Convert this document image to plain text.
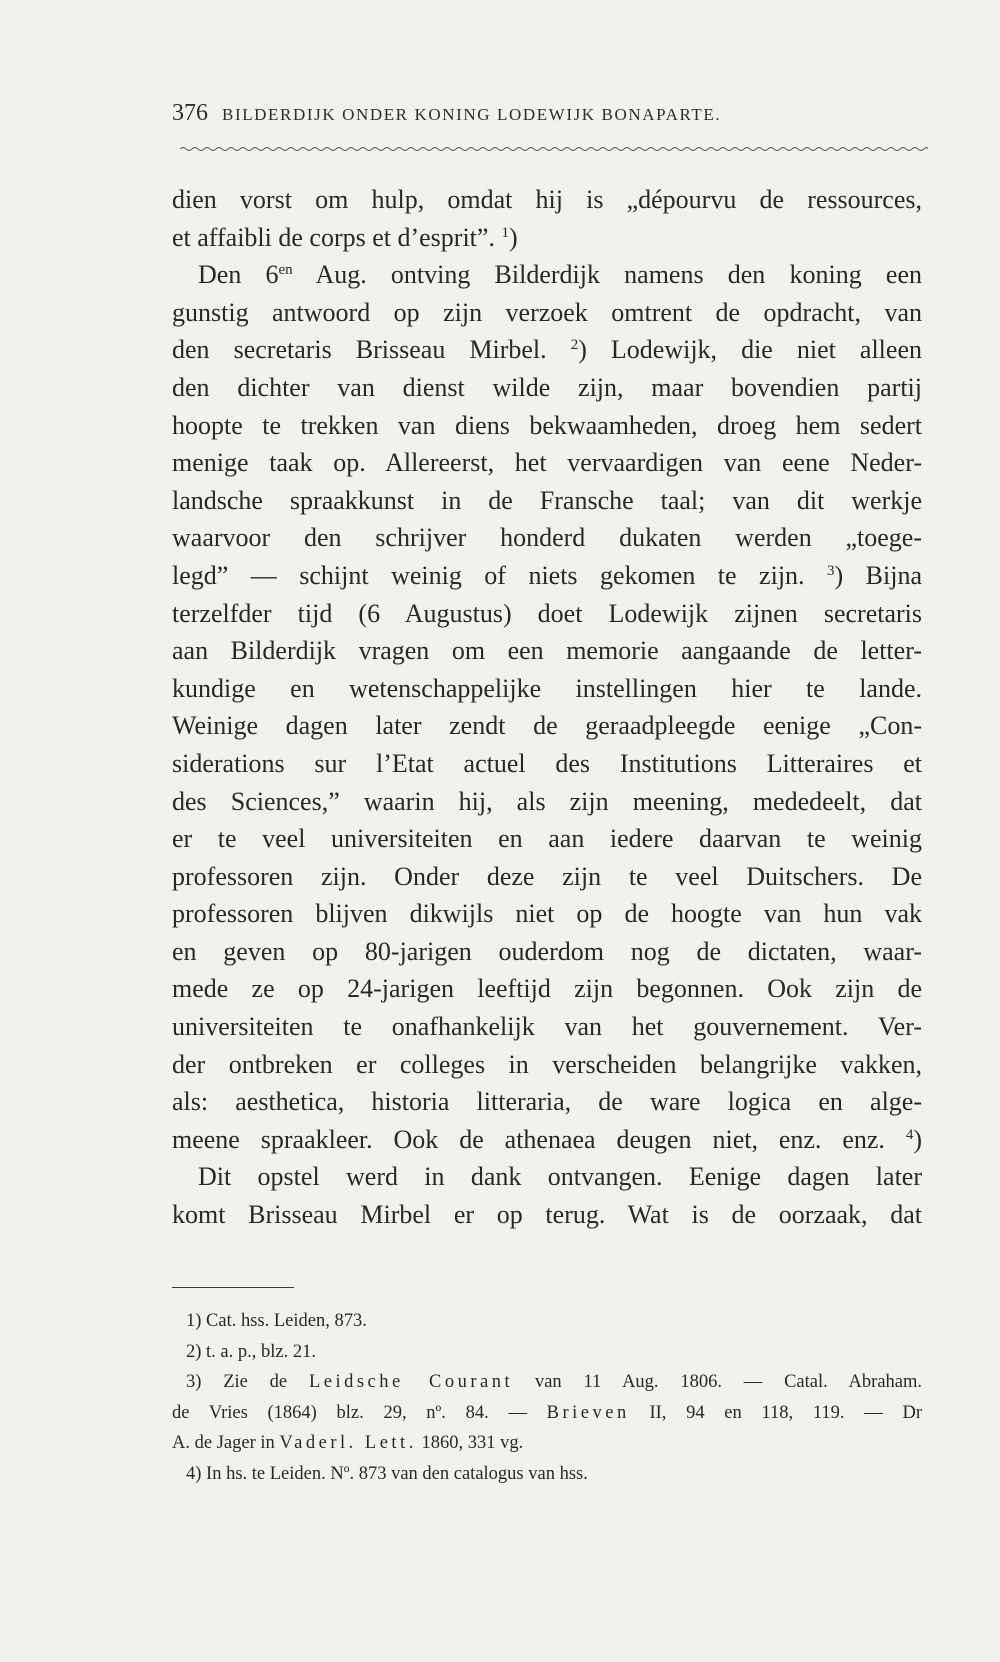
376 BILDERDIJK ONDER KONING LODEWIJK BONAPARTE.
dien vorst om hulp, omdat hij is „dépourvu de ressources,
et affaibli de corps et d’esprit”. $^1$)
Den $6^{en}$ Aug. ontving Bilderdijk namens den koning een
gunstig antwoord op zijn verzoek omtrent de opdracht, van
den secretaris Brisseau Mirbel. $^2$) Lodewijk, die niet alleen
den dichter van dienst wilde zijn, maar bovendien partij
hoopte te trekken van diens bekwaamheden, droeg hem sedert
menige taak op. Allereerst, het vervaardigen van eene Neder-
landsche spraakkunst in de Fransche taal; van dit werkje
waarvoor den schrijver honderd dukaten werden „toege-
legd” — schijnt weinig of niets gekomen te zijn. $^3$) Bijna
terzelfder tijd (6 Augustus) doet Lodewijk zijnen secretaris
aan Bilderdijk vragen om een memorie aangaande de letter-
kundige en wetenschappelijke instellingen hier te lande.
Weinige dagen later zendt de geraadpleegde eenige „Con-
siderations sur l’Etat actuel des Institutions Litteraires et
des Sciences,” waarin hij, als zijn meening, mededeelt, dat
er te veel universiteiten en aan iedere daarvan te weinig
professoren zijn. Onder deze zijn te veel Duitschers. De
professoren blijven dikwijls niet op de hoogte van hun vak
en geven op 80-jarigen ouderdom nog de dictaten, waar-
mede ze op 24-jarigen leeftijd zijn begonnen. Ook zijn de
universiteiten te onafhankelijk van het gouvernement. Ver-
der ontbreken er colleges in verscheiden belangrijke vakken,
als: aesthetica, historia litteraria, de ware logica en alge-
meene spraakleer. Ook de athenaea deugen niet, enz. enz. $^4$)
Dit opstel werd in dank ontvangen. Eenige dagen later
komt Brisseau Mirbel er op terug. Wat is de oorzaak, dat
1) Cat. hss. Leiden, 873.
2) t. a. p., blz. 21.
3) Zie de Leidsche Courant van 11 Aug. 1806. — Catal. Abraham.
de Vries (1864) blz. 29, nº. 84. — Brieven II, 94 en 118, 119. — Dr
A. de Jager in Vaderl. Lett. 1860, 331 vg.
4) In hs. te Leiden. Nº. 873 van den catalogus van hss.
